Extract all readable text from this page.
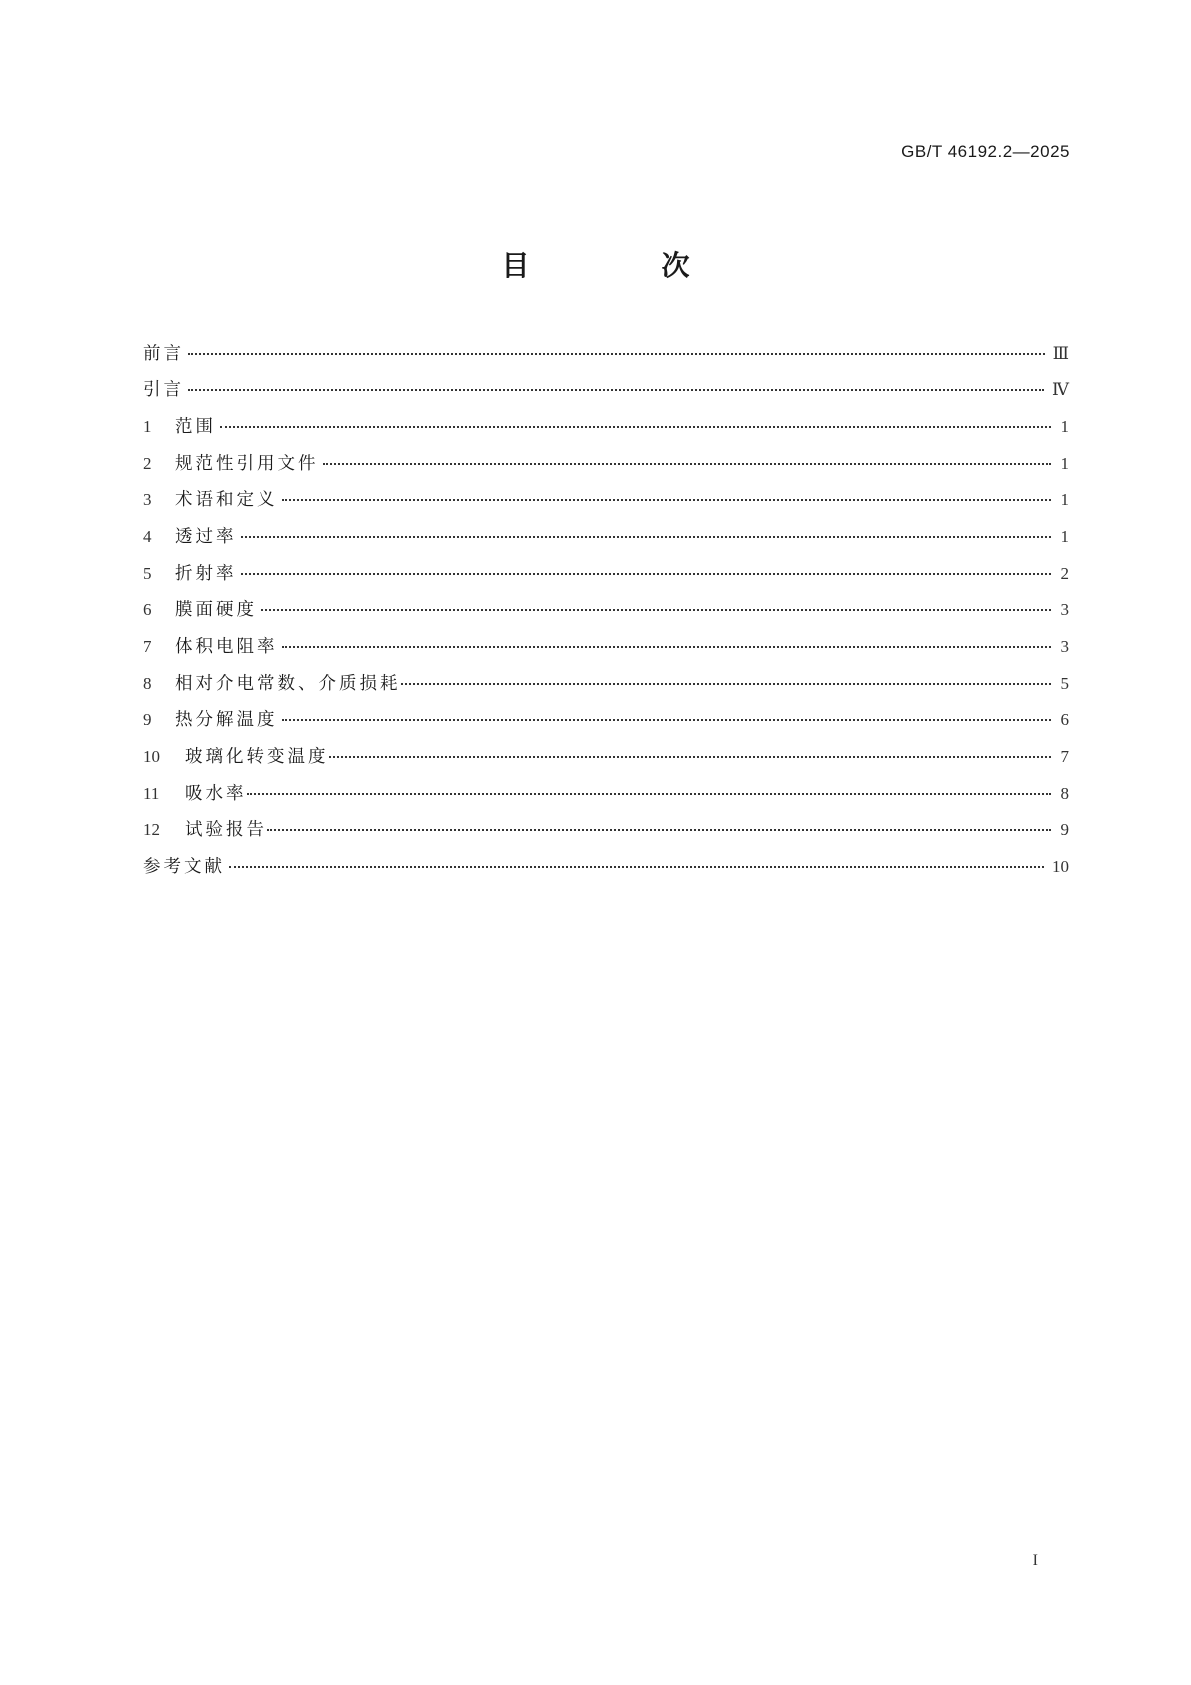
GB/T 46192.2—2025
目　次
前言	Ⅲ
引言	Ⅳ
1	范围	1
2	规范性引用文件	1
3	术语和定义	1
4	透过率	1
5	折射率	2
6	膜面硬度	3
7	体积电阻率	3
8	相对介电常数、介质损耗	5
9	热分解温度	6
10	玻璃化转变温度	7
11	吸水率	8
12	试验报告	9
参考文献	10
I
